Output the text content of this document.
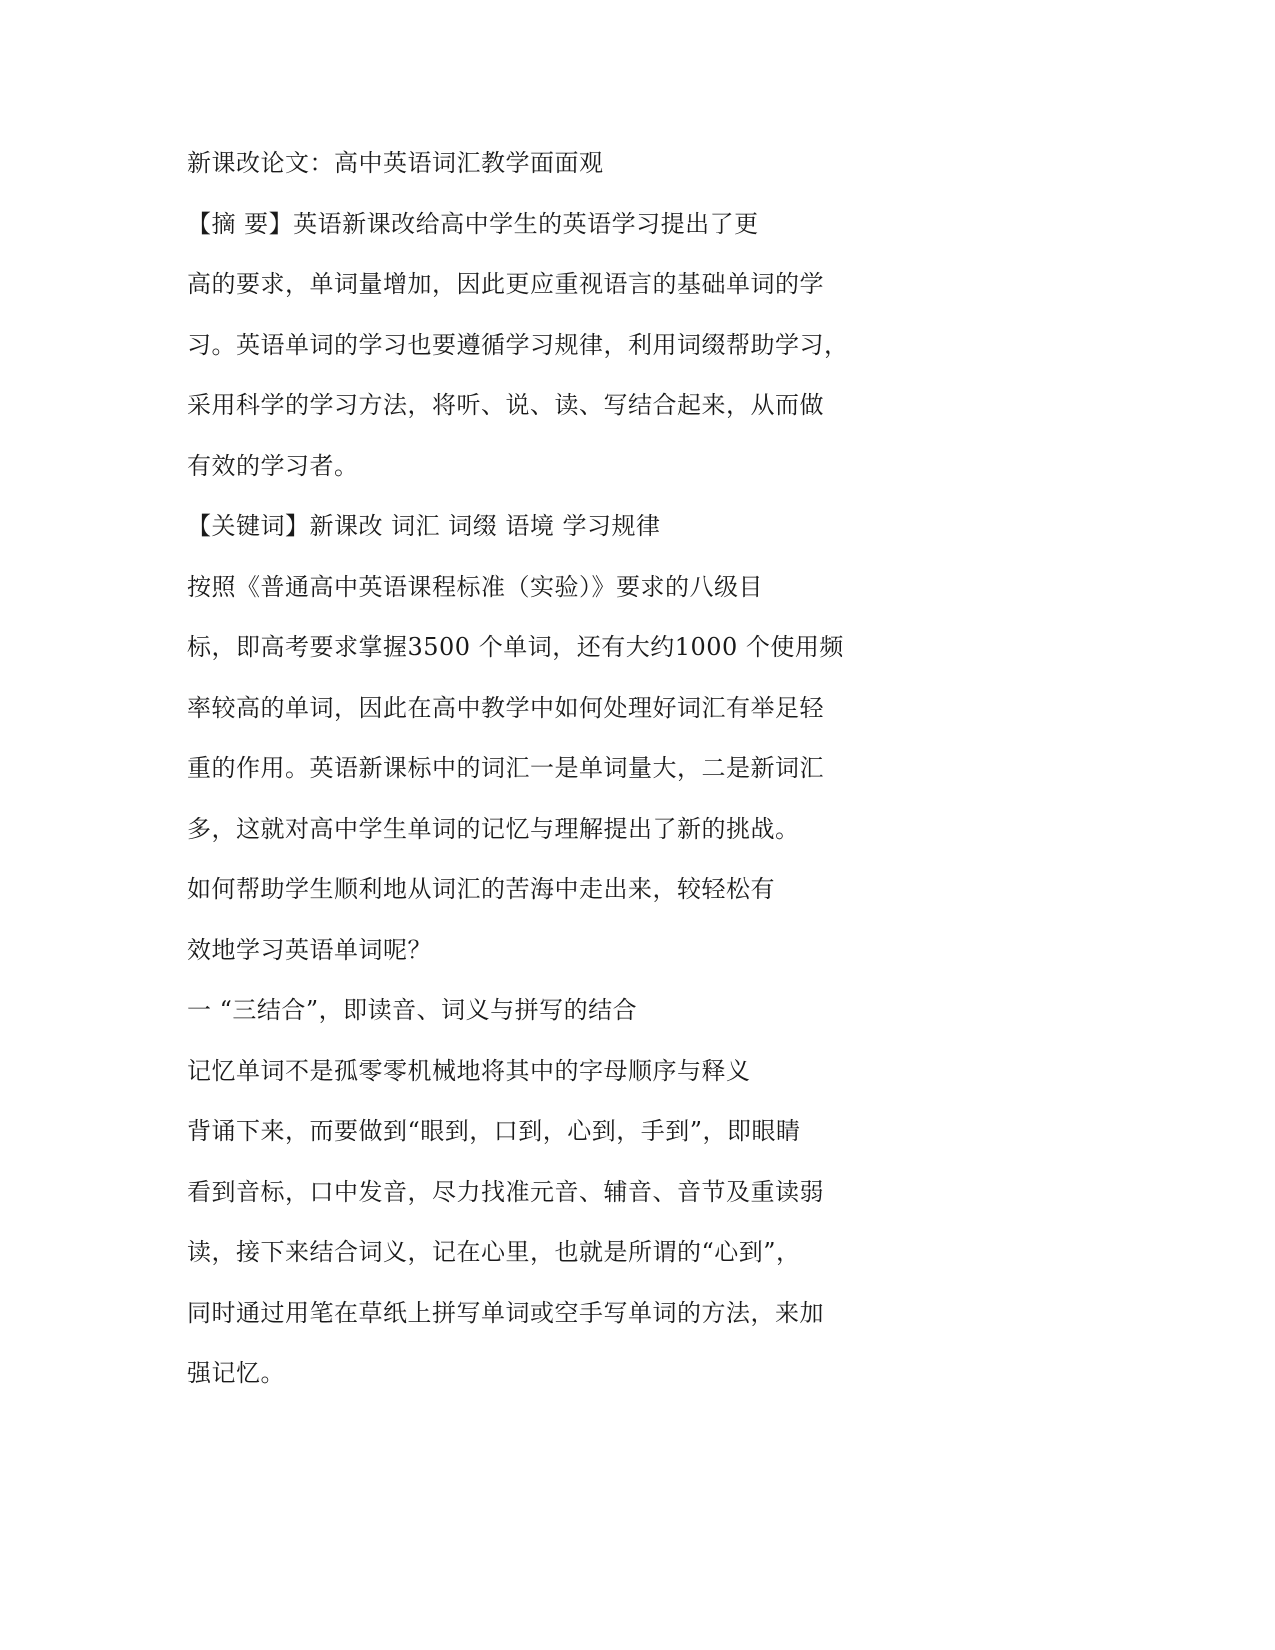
新课改论文：高中英语词汇教学面面观
【摘 要】英语新课改给高中学生的英语学习提出了更
高的要求，单词量增加，因此更应重视语言的基础单词的学
习。英语单词的学习也要遵循学习规律，利用词缀帮助学习，
采用科学的学习方法，将听、说、读、写结合起来，从而做
有效的学习者。
【关键词】新课改 词汇 词缀 语境 学习规律
按照《普通高中英语课程标准（实验）》要求的八级目
标，即高考要求掌握3500 个单词，还有大约1000 个使用频
率较高的单词，因此在高中教学中如何处理好词汇有举足轻
重的作用。英语新课标中的词汇一是单词量大，二是新词汇
多，这就对高中学生单词的记忆与理解提出了新的挑战。
如何帮助学生顺利地从词汇的苦海中走出来，较轻松有
效地学习英语单词呢？
一 “三结合”，即读音、词义与拼写的结合
记忆单词不是孤零零机械地将其中的字母顺序与释义
背诵下来，而要做到“眼到，口到，心到，手到”，即眼睛
看到音标，口中发音，尽力找准元音、辅音、音节及重读弱
读，接下来结合词义，记在心里，也就是所谓的“心到”，
同时通过用笔在草纸上拼写单词或空手写单词的方法，来加
强记忆。
